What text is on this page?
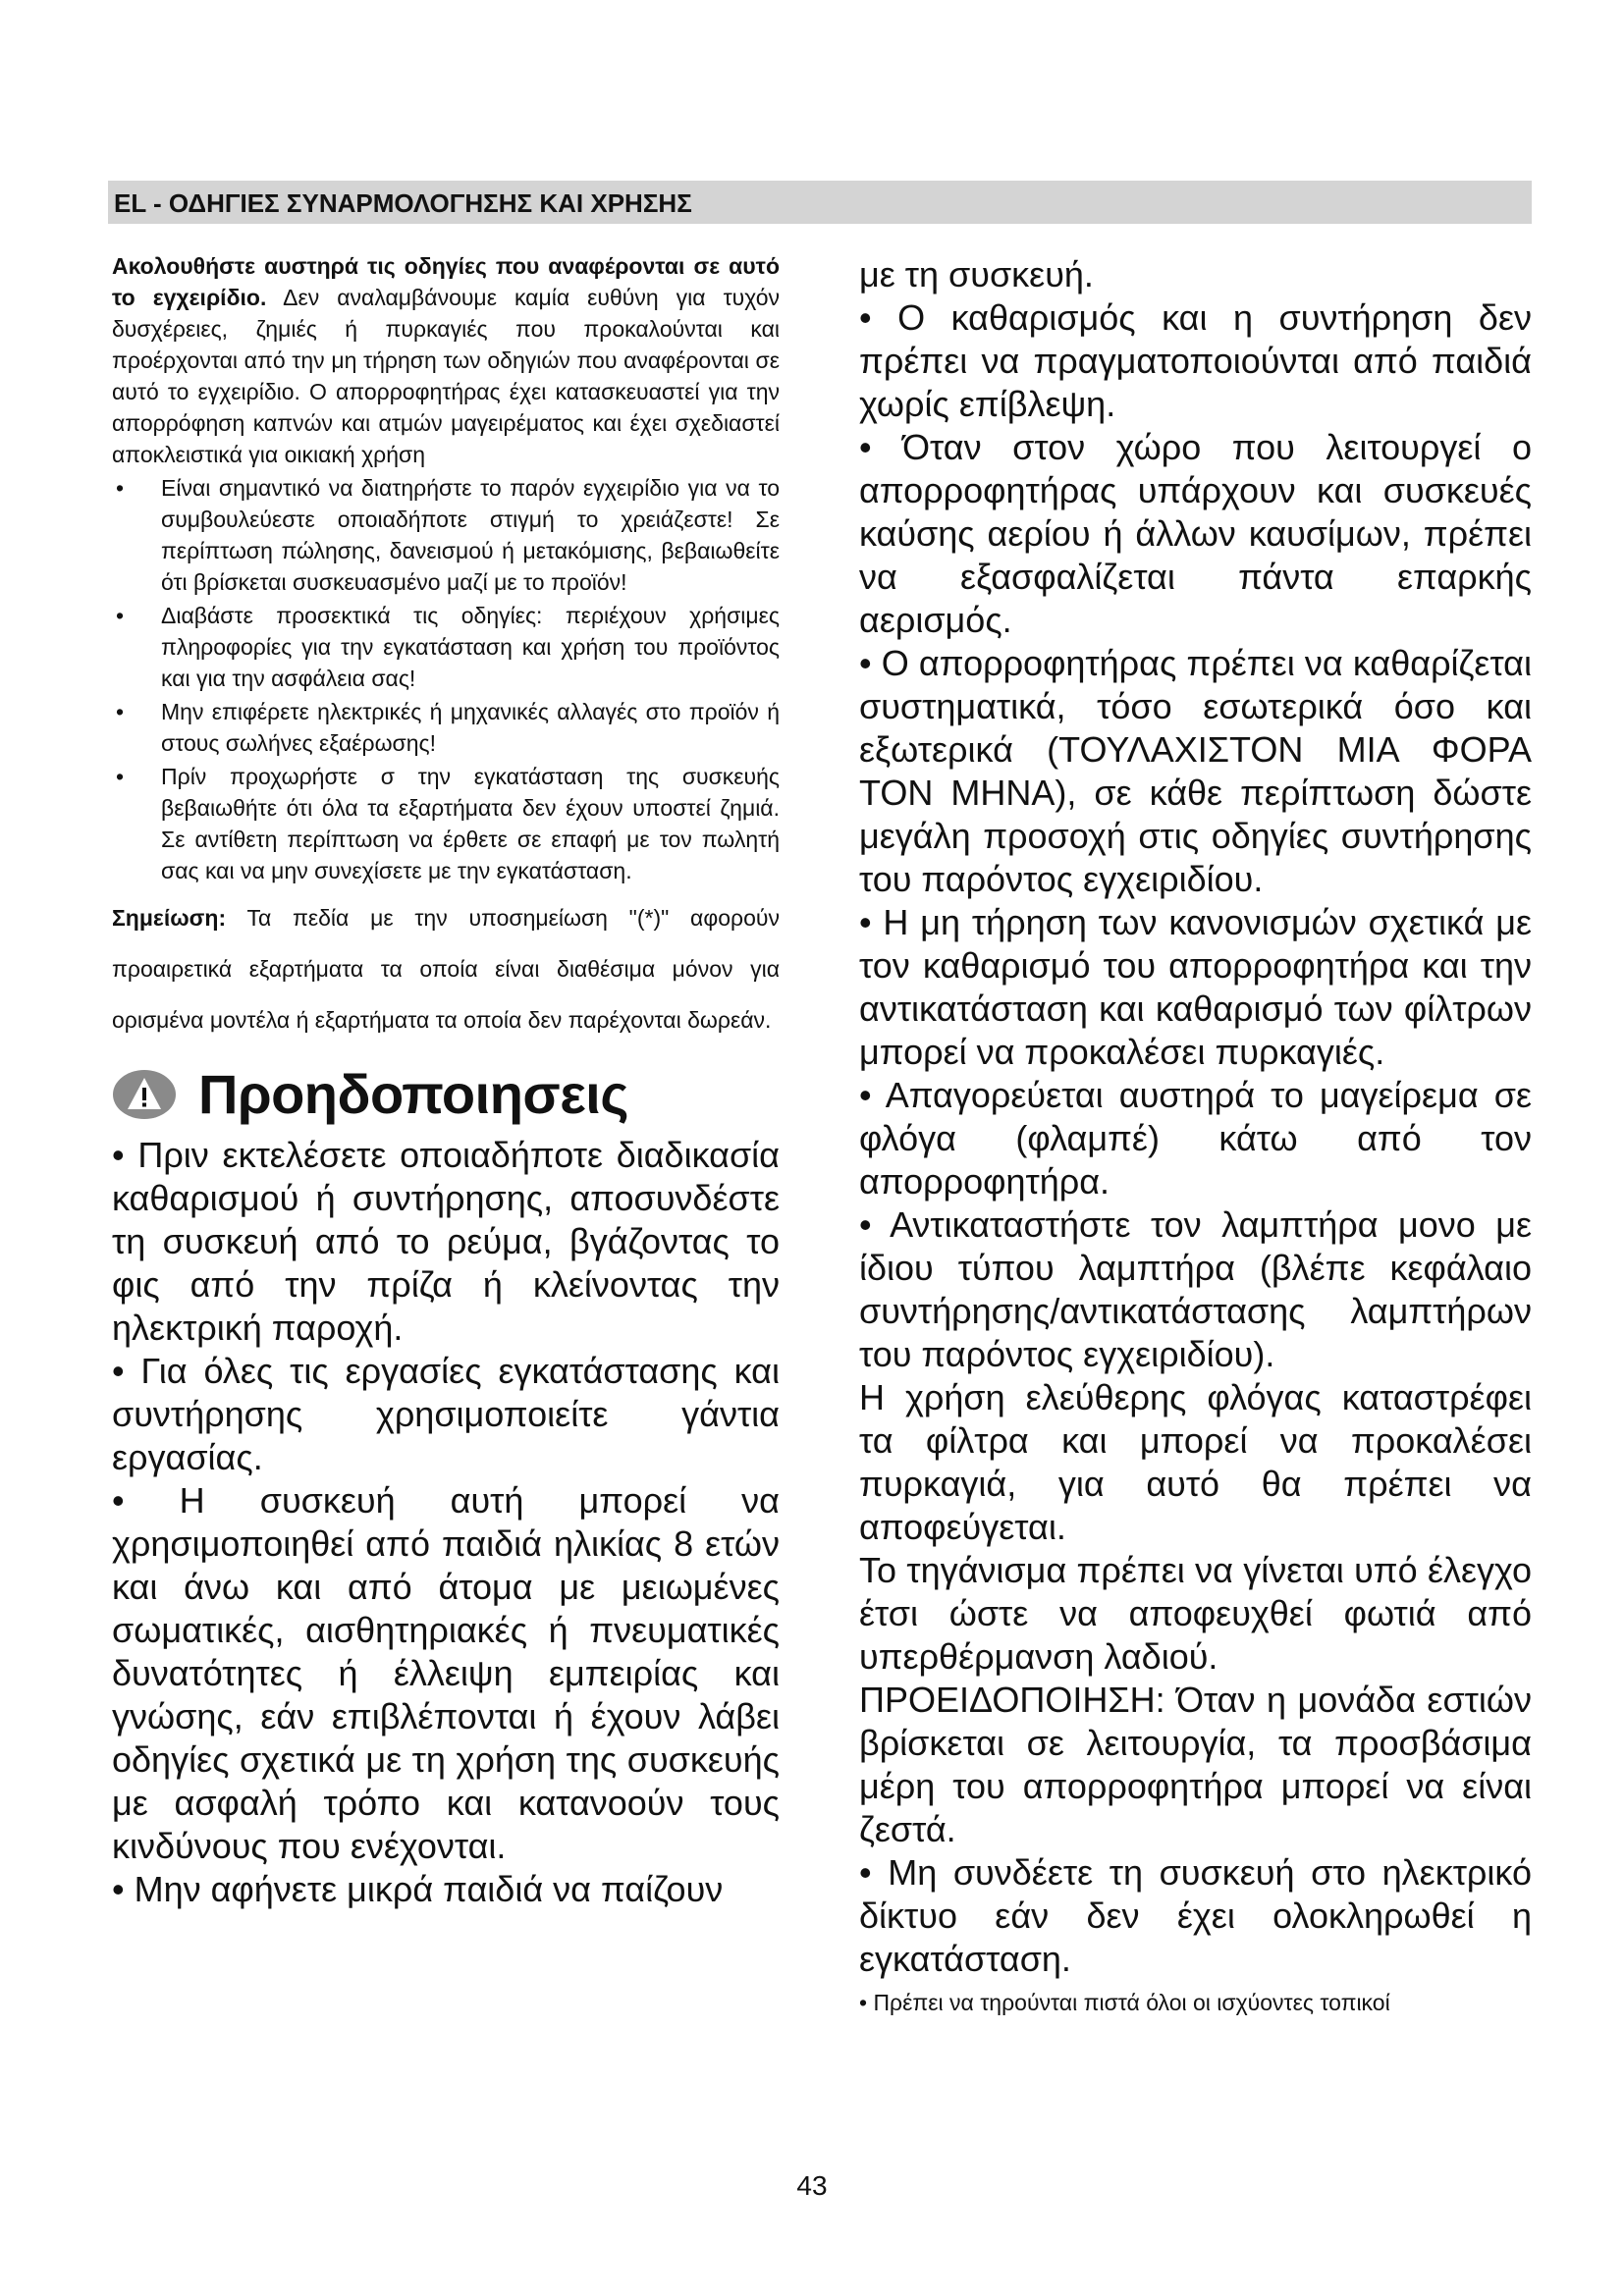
EL - ΟΔΗΓΙΕΣ ΣΥΝΑΡΜΟΛΟΓΗΣΗΣ ΚΑΙ ΧΡΗΣΗΣ

Ακολουθήστε αυστηρά τις οδηγίες που αναφέρονται σε αυτό το εγχειρίδιο. Δεν αναλαμβάνουμε καμία ευθύνη για τυχόν δυσχέρειες, ζημιές ή πυρκαγιές που προκαλούνται και προέρχονται από την μη τήρηση των οδηγιών που αναφέρονται σε αυτό το εγχειρίδιο. Ο απορροφητήρας έχει κατασκευαστεί για την απορρόφηση καπνών και ατμών μαγειρέματος και έχει σχεδιαστεί αποκλειστικά για οικιακή χρήση

• Είναι σημαντικό να διατηρήστε το παρόν εγχειρίδιο για να το συμβουλεύεστε οποιαδήποτε στιγμή το χρειάζεστε! Σε περίπτωση πώλησης, δανεισμού ή μετακόμισης, βεβαιωθείτε ότι βρίσκεται συσκευασμένο μαζί με το προϊόν!
• Διαβάστε προσεκτικά τις οδηγίες: περιέχουν χρήσιμες πληροφορίες για την εγκατάσταση και χρήση του προϊόντος και για την ασφάλεια σας!
• Μην επιφέρετε ηλεκτρικές ή μηχανικές αλλαγές στο προϊόν ή στους σωλήνες εξαέρωσης!
• Πρίν προχωρήστε σ την εγκατάσταση της συσκευής βεβαιωθήτε ότι όλα τα εξαρτήματα δεν έχουν υποστεί ζημιά. Σε αντίθετη περίπτωση να έρθετε σε επαφή με τον πωλητή σας και να μην συνεχίσετε με την εγκατάσταση.

Σημείωση: Τα πεδία με την υποσημείωση "(*)" αφορούν προαιρετικά εξαρτήματα τα οποία είναι διαθέσιμα μόνον για ορισμένα μοντέλα ή εξαρτήματα τα οποία δεν παρέχονται δωρεάν.

Προηδοποιησεις

• Πριν εκτελέσετε οποιαδήποτε διαδικασία καθαρισμού ή συντήρησης, αποσυνδέστε τη συσκευή από το ρεύμα, βγάζοντας το φις από την πρίζα ή κλείνοντας την ηλεκτρική παροχή.

• Για όλες τις εργασίες εγκατάστασης και συντήρησης χρησιμοποιείτε γάντια εργασίας.

• Η συσκευή αυτή μπορεί να χρησιμοποιηθεί από παιδιά ηλικίας 8 ετών και άνω και από άτομα με μειωμένες σωματικές, αισθητηριακές ή πνευματικές δυνατότητες ή έλλειψη εμπειρίας και γνώσης, εάν επιβλέπονται ή έχουν λάβει οδηγίες σχετικά με τη χρήση της συσκευής με ασφαλή τρόπο και κατανοούν τους κινδύνους που ενέχονται.

• Μην αφήνετε μικρά παιδιά να παίζουν

με τη συσκευή.

• Ο καθαρισμός και η συντήρηση δεν πρέπει να πραγματοποιούνται από παιδιά χωρίς επίβλεψη.

• Όταν στον χώρο που λειτουργεί ο απορροφητήρας υπάρχουν και συσκευές καύσης αερίου ή άλλων καυσίμων, πρέπει να εξασφαλίζεται πάντα επαρκής αερισμός.

• Ο απορροφητήρας πρέπει να καθαρίζεται συστηματικά, τόσο εσωτερικά όσο και εξωτερικά (ΤΟΥΛΑΧΙΣΤΟΝ ΜΙΑ ΦΟΡΑ ΤΟΝ ΜΗΝΑ), σε κάθε περίπτωση δώστε μεγάλη προσοχή στις οδηγίες συντήρησης του παρόντος εγχειριδίου.

• Η μη τήρηση των κανονισμών σχετικά με τον καθαρισμό του απορροφητήρα και την αντικατάσταση και καθαρισμό των φίλτρων μπορεί να προκαλέσει πυρκαγιές.

• Απαγορεύεται αυστηρά το μαγείρεμα σε φλόγα (φλαμπέ) κάτω από τον απορροφητήρα.

• Αντικαταστήστε τον λαμπτήρα μονο με ίδιου τύπου λαμπτήρα (βλέπε κεφάλαιο συντήρησης/αντικατάστασης λαμπτήρων του παρόντος εγχειριδίου).

Η χρήση ελεύθερης φλόγας καταστρέφει τα φίλτρα και μπορεί να προκαλέσει πυρκαγιά, για αυτό θα πρέπει να αποφεύγεται.

Το τηγάνισμα πρέπει να γίνεται υπό έλεγχο έτσι ώστε να αποφευχθεί φωτιά από υπερθέρμανση λαδιού.

ΠΡΟΕΙΔΟΠΟΙΗΣΗ: Όταν η μονάδα εστιών βρίσκεται σε λειτουργία, τα προσβάσιμα μέρη του απορροφητήρα μπορεί να είναι ζεστά.

• Μη συνδέετε τη συσκευή στο ηλεκτρικό δίκτυο εάν δεν έχει ολοκληρωθεί η εγκατάσταση.

• Πρέπει να τηρούνται πιστά όλοι οι ισχύοντες τοπικοί

43
